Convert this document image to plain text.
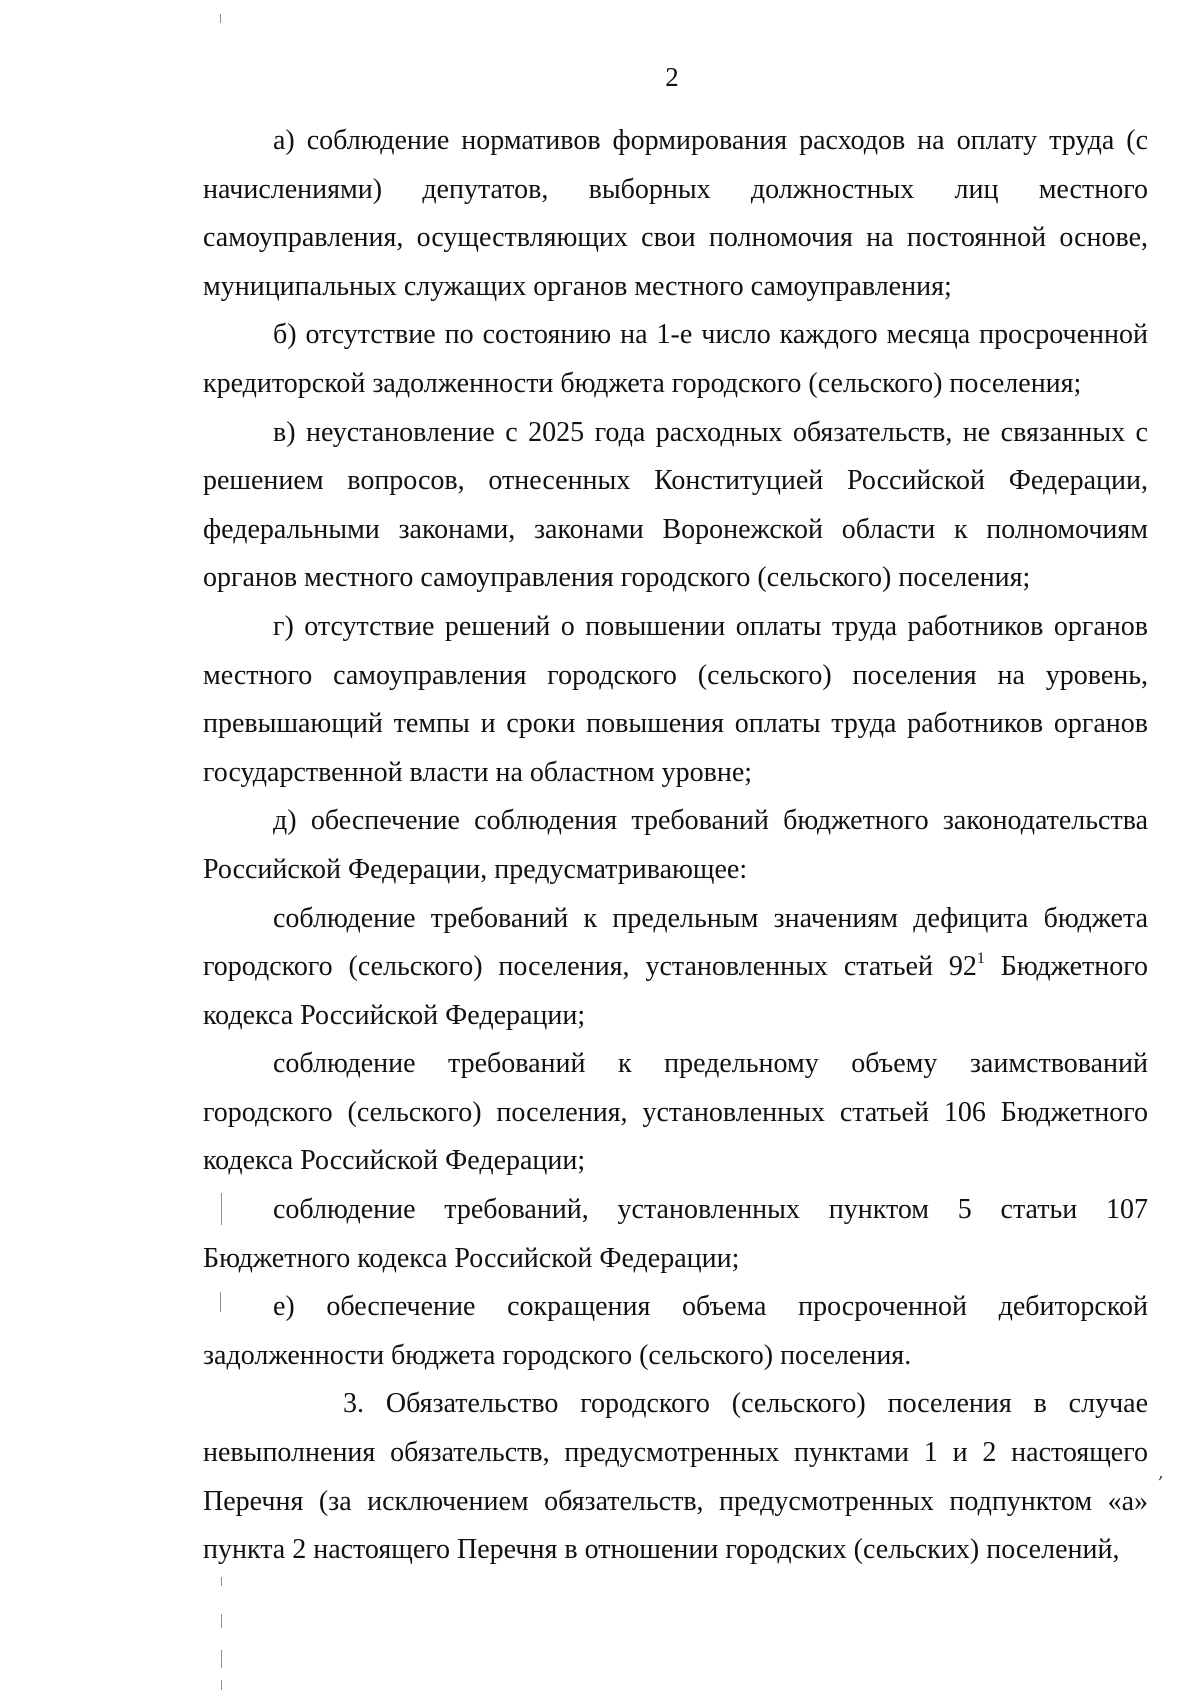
2

а) соблюдение нормативов формирования расходов на оплату труда (с начислениями) депутатов, выборных должностных лиц местного самоуправления, осуществляющих свои полномочия на постоянной основе, муниципальных служащих органов местного самоуправления;

б) отсутствие по состоянию на 1-е число каждого месяца просроченной кредиторской задолженности бюджета городского (сельского) поселения;

в) неустановление с 2025 года расходных обязательств, не связанных с решением вопросов, отнесенных Конституцией Российской Федерации, федеральными законами, законами Воронежской области к полномочиям органов местного самоуправления городского (сельского) поселения;

г) отсутствие решений о повышении оплаты труда работников органов местного самоуправления городского (сельского) поселения на уровень, превышающий темпы и сроки повышения оплаты труда работников органов государственной власти на областном уровне;

д) обеспечение соблюдения требований бюджетного законодательства Российской Федерации, предусматривающее:

соблюдение требований к предельным значениям дефицита бюджета городского (сельского) поселения, установленных статьей $92^1$ Бюджетного кодекса Российской Федерации;

соблюдение требований к предельному объему заимствований городского (сельского) поселения, установленных статьей 106 Бюджетного кодекса Российской Федерации;

соблюдение требований, установленных пунктом 5 статьи 107 Бюджетного кодекса Российской Федерации;

е) обеспечение сокращения объема просроченной дебиторской задолженности бюджета городского (сельского) поселения.

3. Обязательство городского (сельского) поселения в случае невыполнения обязательств, предусмотренных пунктами 1 и 2 настоящего Перечня (за исключением обязательств, предусмотренных подпунктом «а» пункта 2 настоящего Перечня в отношении городских (сельских) поселений,

,
